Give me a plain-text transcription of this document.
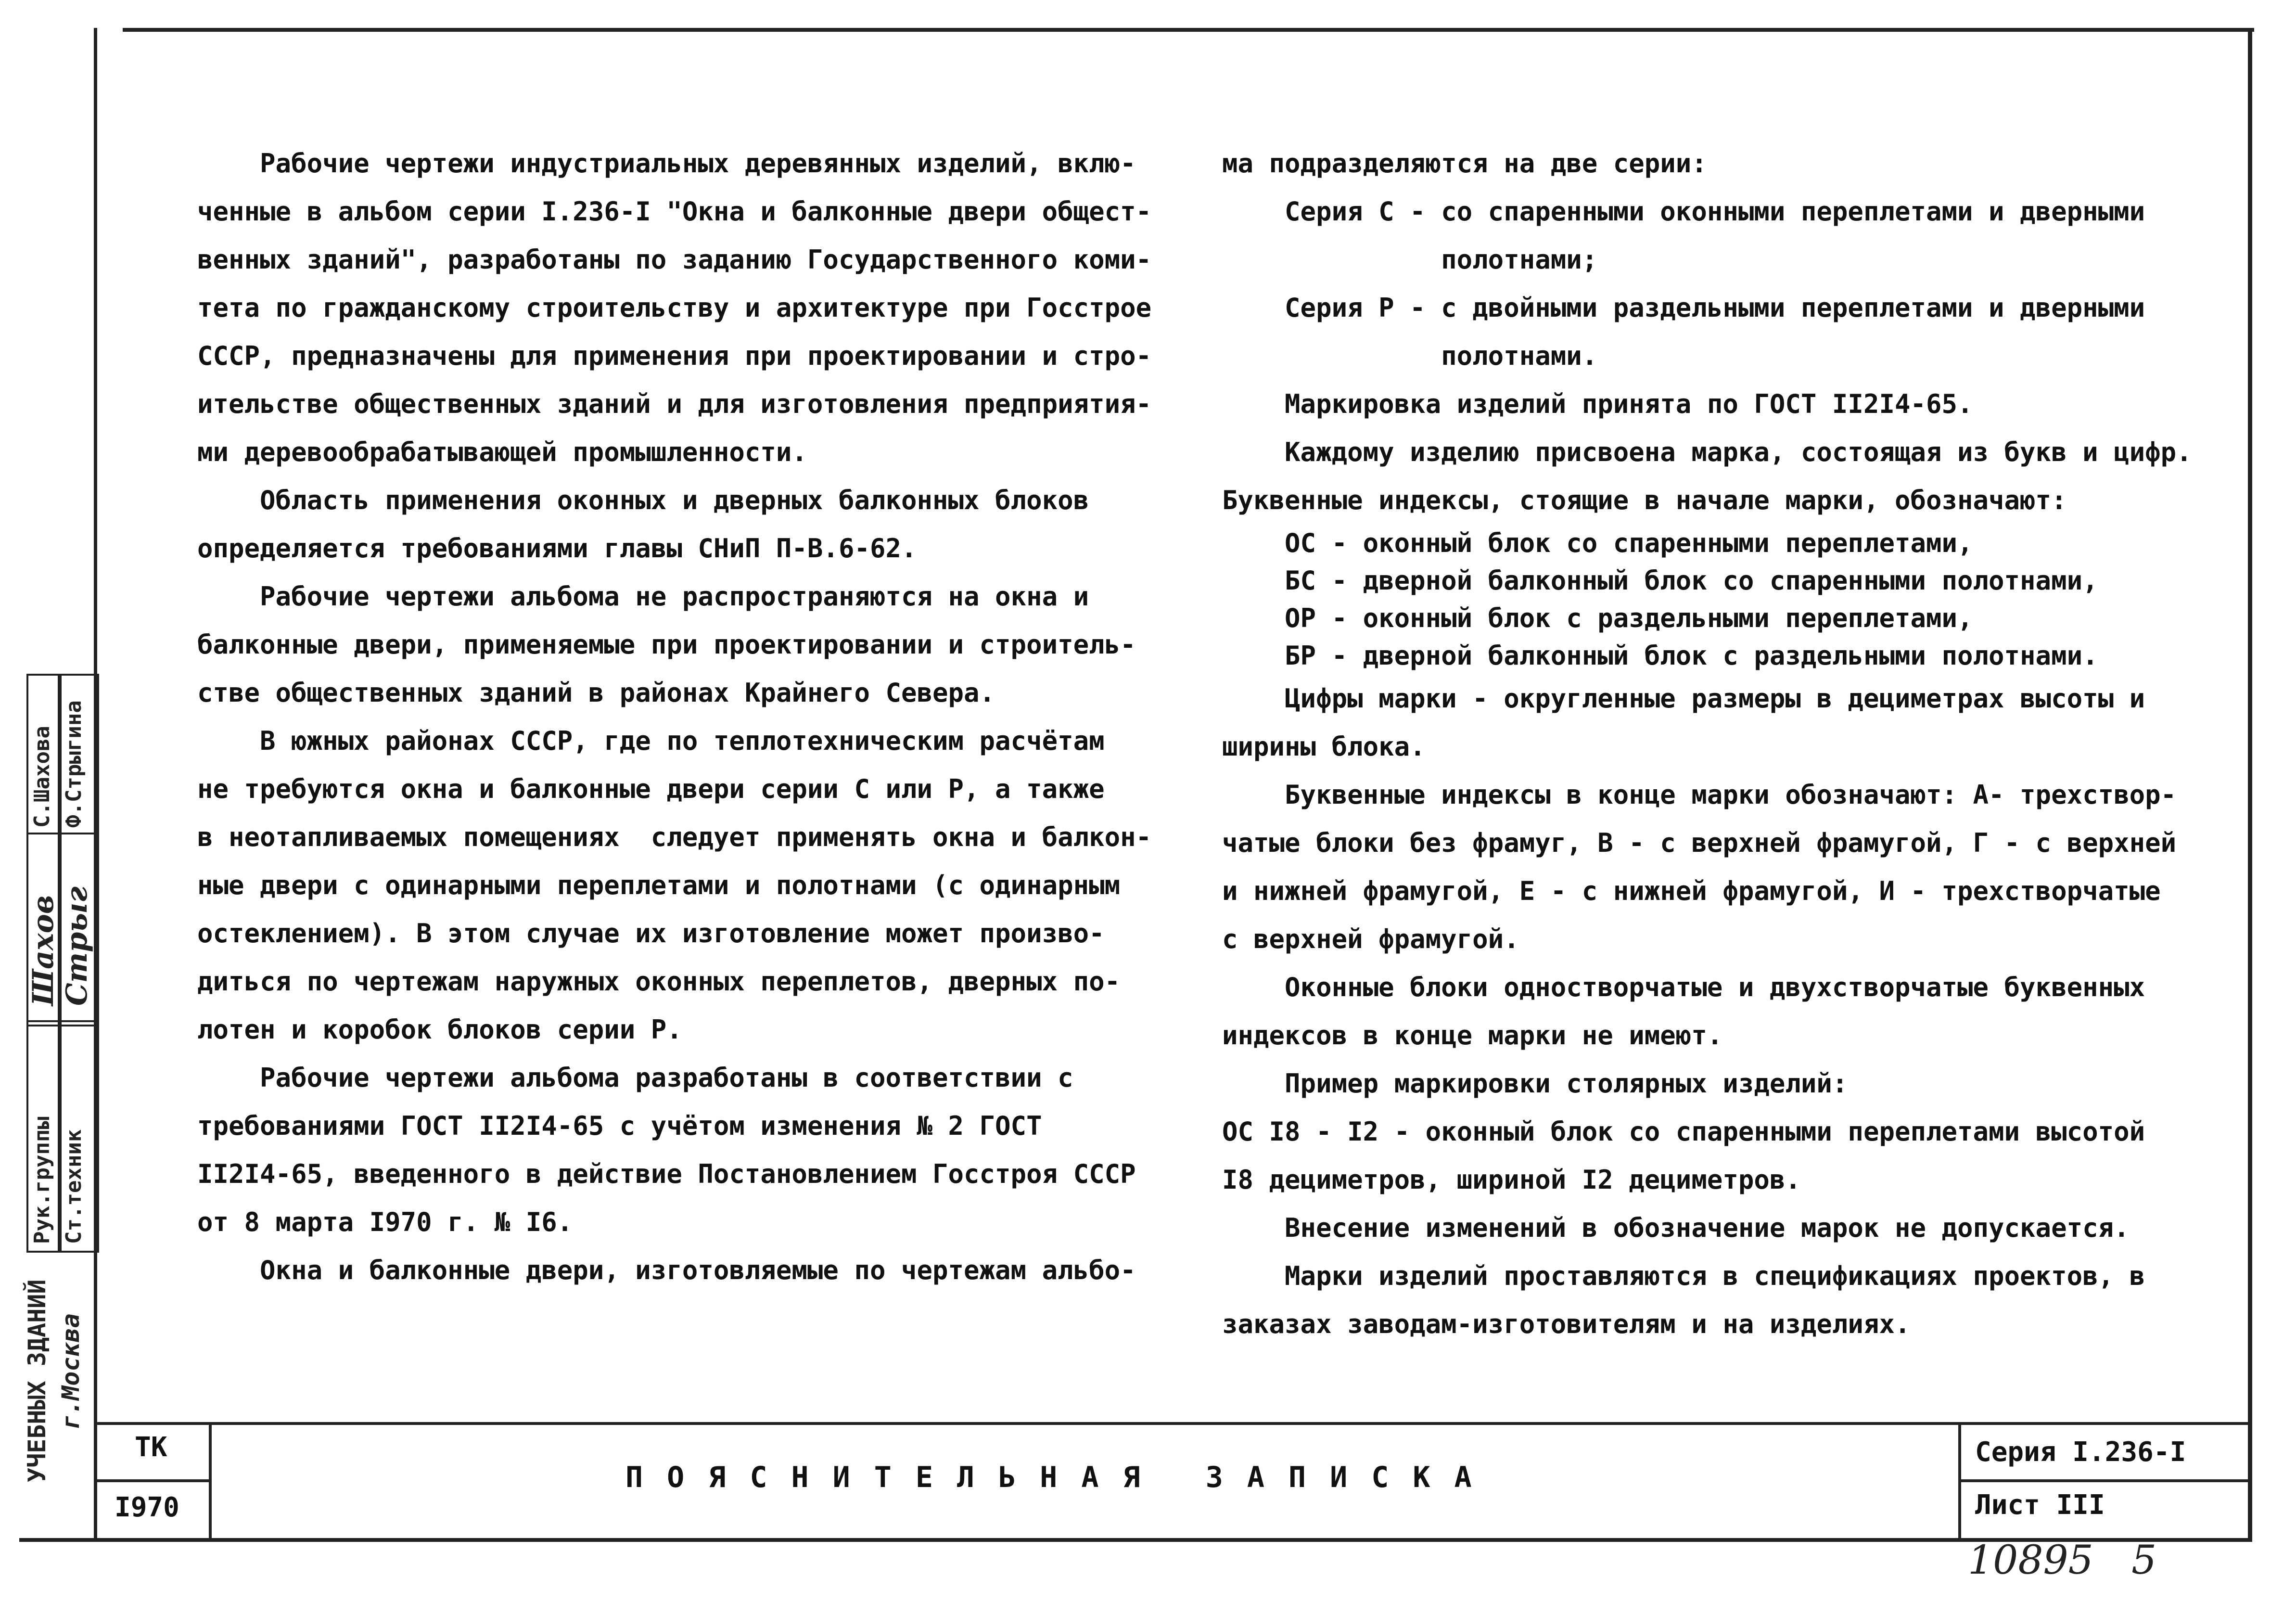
Рук.группы Ст.техник
Шахов Стрыг
С.Шахова Ф.Стрыгина
УЧЕБНЫХ ЗДАНИЙ г.Москва

Рабочие чертежи индустриальных деревянных изделий, вклю-

ченные в альбом серии I.236-I "Окна и балконные двери общест-

венных зданий", разработаны по заданию Государственного коми-

тета по гражданскому строительству и архитектуре при Госстрое

СССР, предназначены для применения при проектировании и стро-

ительстве общественных зданий и для изготовления предприятия-

ми деревообрабатывающей промышленности.

Область применения оконных и дверных балконных блоков

определяется требованиями главы СНиП П-В.6-62.

Рабочие чертежи альбома не распространяются на окна и

балконные двери, применяемые при проектировании и строитель-

стве общественных зданий в районах Крайнего Севера.

В южных районах СССР, где по теплотехническим расчётам

не требуются окна и балконные двери серии С или Р, а также

в неотапливаемых помещениях  следует применять окна и балкон-

ные двери с одинарными переплетами и полотнами (с одинарным

остеклением). В этом случае их изготовление может произво-

диться по чертежам наружных оконных переплетов, дверных по-

лотен и коробок блоков серии Р.

Рабочие чертежи альбома разработаны в соответствии с

требованиями ГОСТ II2I4-65 с учётом изменения № 2 ГОСТ

II2I4-65, введенного в действие Постановлением Госстроя СССР

от 8 марта I970 г. № I6.

Окна и балконные двери, изготовляемые по чертежам альбо-

ма подразделяются на две серии:

Серия С - со спаренными оконными переплетами и дверными

полотнами;

Серия Р - с двойными раздельными переплетами и дверными

полотнами.

Маркировка изделий принята по ГОСТ II2I4-65.

Каждому изделию присвоена марка, состоящая из букв и цифр.

Буквенные индексы, стоящие в начале марки, обозначают:

ОС - оконный блок со спаренными переплетами,

БС - дверной балконный блок со спаренными полотнами,

ОР - оконный блок с раздельными переплетами,

БР - дверной балконный блок с раздельными полотнами.

Цифры марки - округленные размеры в дециметрах высоты и

ширины блока.

Буквенные индексы в конце марки обозначают: А- трехствор-

чатые блоки без фрамуг, В - с верхней фрамугой, Г - с верхней

и нижней фрамугой, Е - с нижней фрамугой, И - трехстворчатые

с верхней фрамугой.

Оконные блоки одностворчатые и двухстворчатые буквенных

индексов в конце марки не имеют.

Пример маркировки столярных изделий:

ОС I8 - I2 - оконный блок со спаренными переплетами высотой

I8 дециметров, шириной I2 дециметров.

Внесение изменений в обозначение марок не допускается.

Марки изделий проставляются в спецификациях проектов, в

заказах заводам-изготовителям и на изделиях.

ТК
I970
ПОЯСНИТЕЛЬНАЯ ЗАПИСКА
Серия I.236-I
Лист III
10895 5
